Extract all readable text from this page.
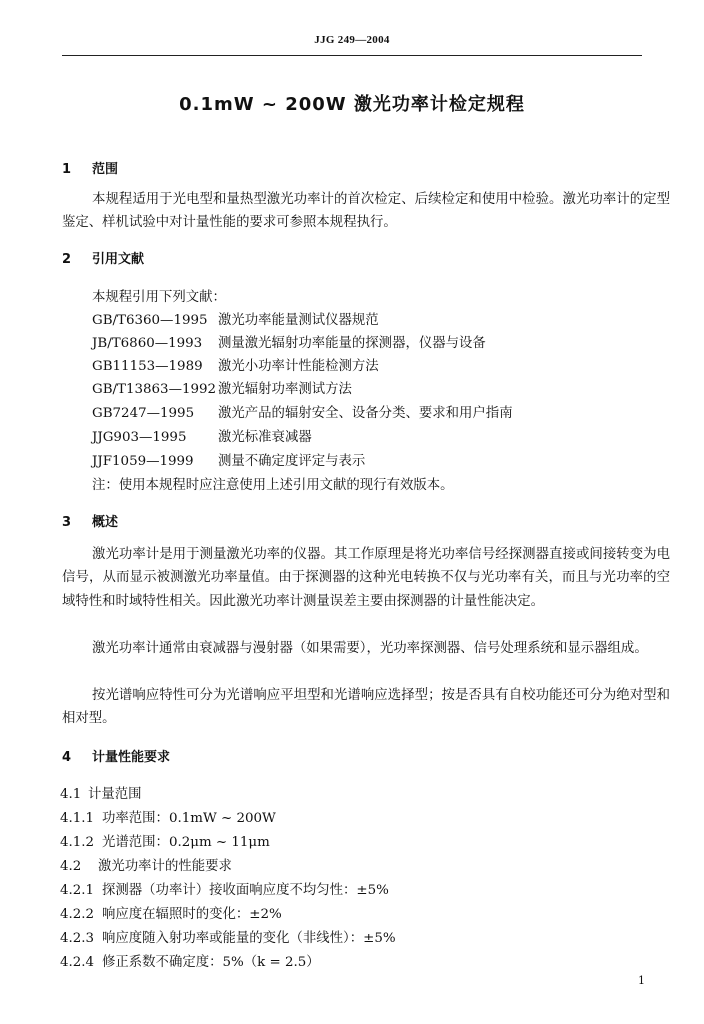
JJG 249—2004
0.1mW ~ 200W 激光功率计检定规程
1 范围
本规程适用于光电型和量热型激光功率计的首次检定、后续检定和使用中检验。激光功率计的定型鉴定、样机试验中对计量性能的要求可参照本规程执行。
2 引用文献
本规程引用下列文献：
GB/T6360—1995 激光功率能量测试仪器规范
JB/T6860—1993 测量激光辐射功率能量的探测器，仪器与设备
GB11153—1989 激光小功率计性能检测方法
GB/T13863—1992 激光辐射功率测试方法
GB7247—1995 激光产品的辐射安全、设备分类、要求和用户指南
JJG903—1995 激光标准衰减器
JJF1059—1999 测量不确定度评定与表示
注：使用本规程时应注意使用上述引用文献的现行有效版本。
3 概述
激光功率计是用于测量激光功率的仪器。其工作原理是将光功率信号经探测器直接或间接转变为电信号，从而显示被测激光功率量值。由于探测器的这种光电转换不仅与光功率有关，而且与光功率的空域特性和时域特性相关。因此激光功率计测量误差主要由探测器的计量性能决定。
激光功率计通常由衰减器与漫射器（如果需要），光功率探测器、信号处理系统和显示器组成。
按光谱响应特性可分为光谱响应平坦型和光谱响应选择型；按是否具有自校功能还可分为绝对型和相对型。
4 计量性能要求
4.1 计量范围
4.1.1 功率范围：0.1mW ~ 200W
4.1.2 光谱范围：0.2μm ~ 11μm
4.2 激光功率计的性能要求
4.2.1 探测器（功率计）接收面响应度不均匀性：±5%
4.2.2 响应度在辐照时的变化：±2%
4.2.3 响应度随入射功率或能量的变化（非线性）：±5%
4.2.4 修正系数不确定度：5%（k = 2.5）
1
